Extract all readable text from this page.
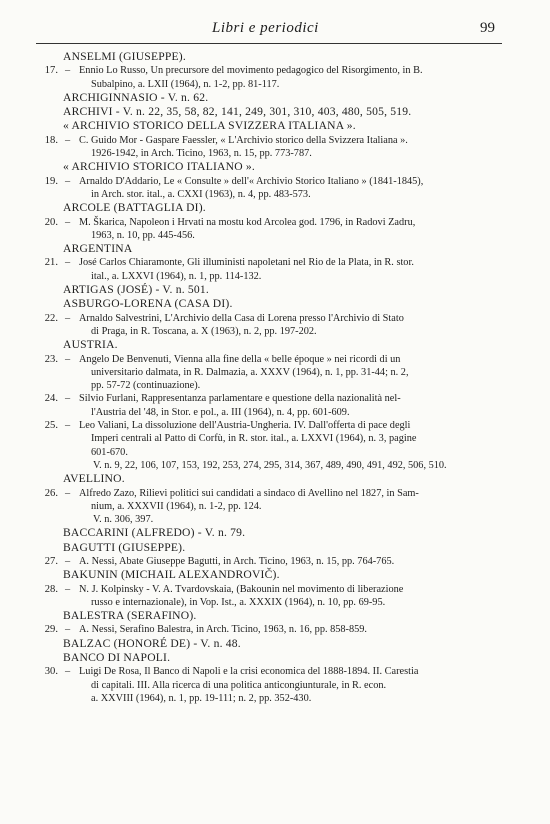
Libri e periodici	99
ANSELMI (GIUSEPPE).
17. – Ennio Lo Russo, Un precursore del movimento pedagogico del Risorgimento, in B.
Subalpino, a. LXII (1964), n. 1-2, pp. 81-117.
ARCHIGINNASIO - V. n. 62.
ARCHIVI - V. n. 22, 35, 58, 82, 141, 249, 301, 310, 403, 480, 505, 519.
« ARCHIVIO STORICO DELLA SVIZZERA ITALIANA ».
18. – C. Guido Mor - Gaspare Faessler, « L'Archivio storico della Svizzera Italiana ».
1926-1942, in Arch. Ticino, 1963, n. 15, pp. 773-787.
« ARCHIVIO STORICO ITALIANO ».
19. – Arnaldo D'Addario, Le « Consulte » dell'« Archivio Storico Italiano » (1841-1845),
in Arch. stor. ital., a. CXXI (1963), n. 4, pp. 483-573.
ARCOLE (BATTAGLIA DI).
20. – M. Škarica, Napoleon i Hrvati na mostu kod Arcolea god. 1796, in Radovi Zadru,
1963, n. 10, pp. 445-456.
ARGENTINA
21. – José Carlos Chiaramonte, Gli illuministi napoletani nel Rio de la Plata, in R. stor.
ital., a. LXXVI (1964), n. 1, pp. 114-132.
ARTIGAS (JOSÉ) - V. n. 501.
ASBURGO-LORENA (CASA DI).
22. – Arnaldo Salvestrini, L'Archivio della Casa di Lorena presso l'Archivio di Stato
di Praga, in R. Toscana, a. X (1963), n. 2, pp. 197-202.
AUSTRIA.
23. – Angelo De Benvenuti, Vienna alla fine della « belle époque » nei ricordi di un
universitario dalmata, in R. Dalmazia, a. XXXV (1964), n. 1, pp. 31-44; n. 2,
pp. 57-72 (continuazione).
24. – Silvio Furlani, Rappresentanza parlamentare e questione della nazionalità nel-
l'Austria del '48, in Stor. e pol., a. III (1964), n. 4, pp. 601-609.
25. – Leo Valiani, La dissoluzione dell'Austria-Ungheria. IV. Dall'offerta di pace degli
Imperi centrali al Patto di Corfù, in R. stor. ital., a. LXXVI (1964), n. 3, pagine
601-670.
V. n. 9, 22, 106, 107, 153, 192, 253, 274, 295, 314, 367, 489, 490, 491, 492, 506, 510.
AVELLINO.
26. – Alfredo Zazo, Rilievi politici sui candidati a sindaco di Avellino nel 1827, in Sam-
nium, a. XXXVII (1964), n. 1-2, pp. 124.
V. n. 306, 397.
BACCARINI (ALFREDO) - V. n. 79.
BAGUTTI (GIUSEPPE).
27. – A. Nessi, Abate Giuseppe Bagutti, in Arch. Ticino, 1963, n. 15, pp. 764-765.
BAKUNIN (MICHAIL ALEXANDROVIČ).
28. – N. J. Kolpinsky - V. A. Tvardovskaia, (Bakounin nel movimento di liberazione
russo e internazionale), in Vop. Ist., a. XXXIX (1964), n. 10, pp. 69-95.
BALESTRA (SERAFINO).
29. – A. Nessi, Serafino Balestra, in Arch. Ticino, 1963, n. 16, pp. 858-859.
BALZAC (HONORÉ DE) - V. n. 48.
BANCO DI NAPOLI.
30. – Luigi De Rosa, Il Banco di Napoli e la crisi economica del 1888-1894. II. Carestia
di capitali. III. Alla ricerca di una politica anticongiunturale, in R. econ.
a. XXVIII (1964), n. 1, pp. 19-111; n. 2, pp. 352-430.
